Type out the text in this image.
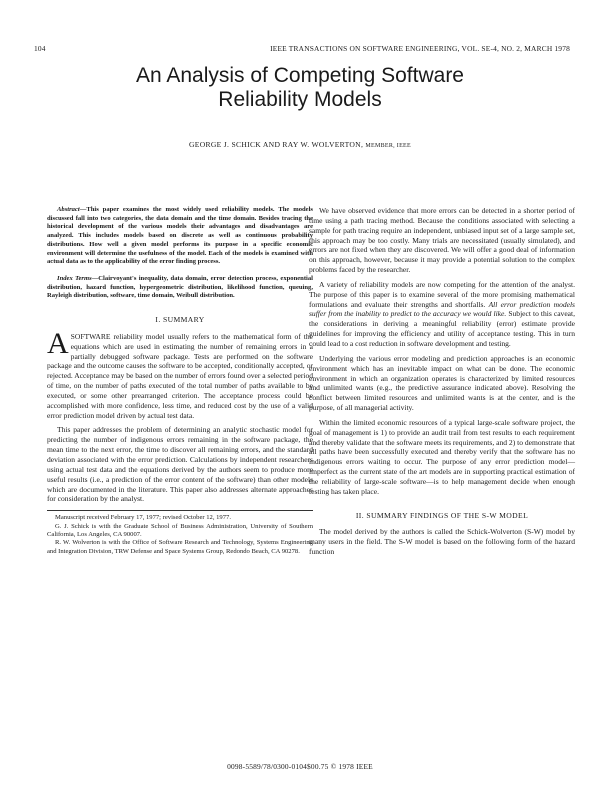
104	IEEE TRANSACTIONS ON SOFTWARE ENGINEERING, VOL. SE-4, NO. 2, MARCH 1978
An Analysis of Competing Software
Reliability Models
GEORGE J. SCHICK AND RAY W. WOLVERTON, MEMBER, IEEE

Abstract—This paper examines the most widely used reliability models. The models discussed fall into two categories, the data domain and the time domain. Besides tracing the historical development of the various models their advantages and disadvantages are analyzed. This includes models based on discrete as well as continuous probability distributions. How well a given model performs its purpose in a specific economic environment will determine the usefulness of the model. Each of the models is examined with actual data as to the applicability of the error finding process.

Index Terms—Clairvoyant's inequality, data domain, error detection process, exponential distribution, hazard function, hypergeometric distribution, likelihood function, queuing, Rayleigh distribution, software, time domain, Weibull distribution.

I. SUMMARY

ASOFTWARE reliability model usually refers to the mathematical form of the equations which are used in estimating the number of remaining errors in a partially debugged software package. Tests are performed on the software package and the outcome causes the software to be accepted, conditionally accepted, or rejected. Acceptance may be based on the number of errors found over a selected period of time, on the number of paths executed of the total number of paths available to be executed, or some other prearranged criterion. The acceptance process could be accomplished with more confidence, less time, and reduced cost by the use of a valid error prediction model driven by actual test data.

This paper addresses the problem of determining an analytic stochastic model for predicting the number of indigenous errors remaining in the software package, the mean time to the next error, the time to discover all remaining errors, and the standard deviation associated with the error prediction. Calculations by independent researchers using actual test data and the equations derived by the authors seem to produce more useful results (i.e., a prediction of the error content of the software) than other models which are documented in the literature. This paper also addresses alternate approaches for consideration by the analyst.

Manuscript received February 17, 1977; revised October 12, 1977.

G. J. Schick is with the Graduate School of Business Administration, University of Southern California, Los Angeles, CA 90007.

R. W. Wolverton is with the Office of Software Research and Technology, Systems Engineering and Integration Division, TRW Defense and Space Systems Group, Redondo Beach, CA 90278.

We have observed evidence that more errors can be detected in a shorter period of time using a path tracing method. Because the conditions associated with selecting a sample for path tracing require an independent, unbiased input set of a large sample set, this approach may be too costly. Many trials are necessitated (usually simulated), and errors are not fixed when they are discovered. We will offer a good deal of information on this approach, however, because it may provide a potential solution to the complex problems faced by the researcher.

A variety of reliability models are now competing for the attention of the analyst. The purpose of this paper is to examine several of the more promising mathematical formulations and evaluate their strengths and shortfalls. All error prediction models suffer from the inability to predict to the accuracy we would like. Subject to this caveat, the considerations in deriving a meaningful reliability (error) estimate provide guidelines for improving the efficiency and utility of acceptance testing. This in turn could lead to a cost reduction in software development and testing.

Underlying the various error modeling and prediction approaches is an economic environment which has an inevitable impact on what can be done. The economic environment in which an organization operates is characterized by limited resources and unlimited wants (e.g., the predictive assurance indicated above). Resolving the conflict between limited resources and unlimited wants is at the center, and is the purpose, of all managerial activity.

Within the limited economic resources of a typical large-scale software project, the goal of management is 1) to provide an audit trail from test results to each requirement and thereby validate that the software meets its requirements, and 2) to demonstrate that all paths have been successfully executed and thereby verify that the software has no indigenous errors waiting to occur. The purpose of any error prediction model—imperfect as the current state of the art models are in supporting practical estimation of the reliability of large-scale software—is to help management decide when enough testing has taken place.

II. SUMMARY FINDINGS OF THE S-W MODEL

The model derived by the authors is called the Schick-Wolverton (S-W) model by many users in the field. The S-W model is based on the following form of the hazard function

0098-5589/78/0300-0104$00.75 © 1978 IEEE
